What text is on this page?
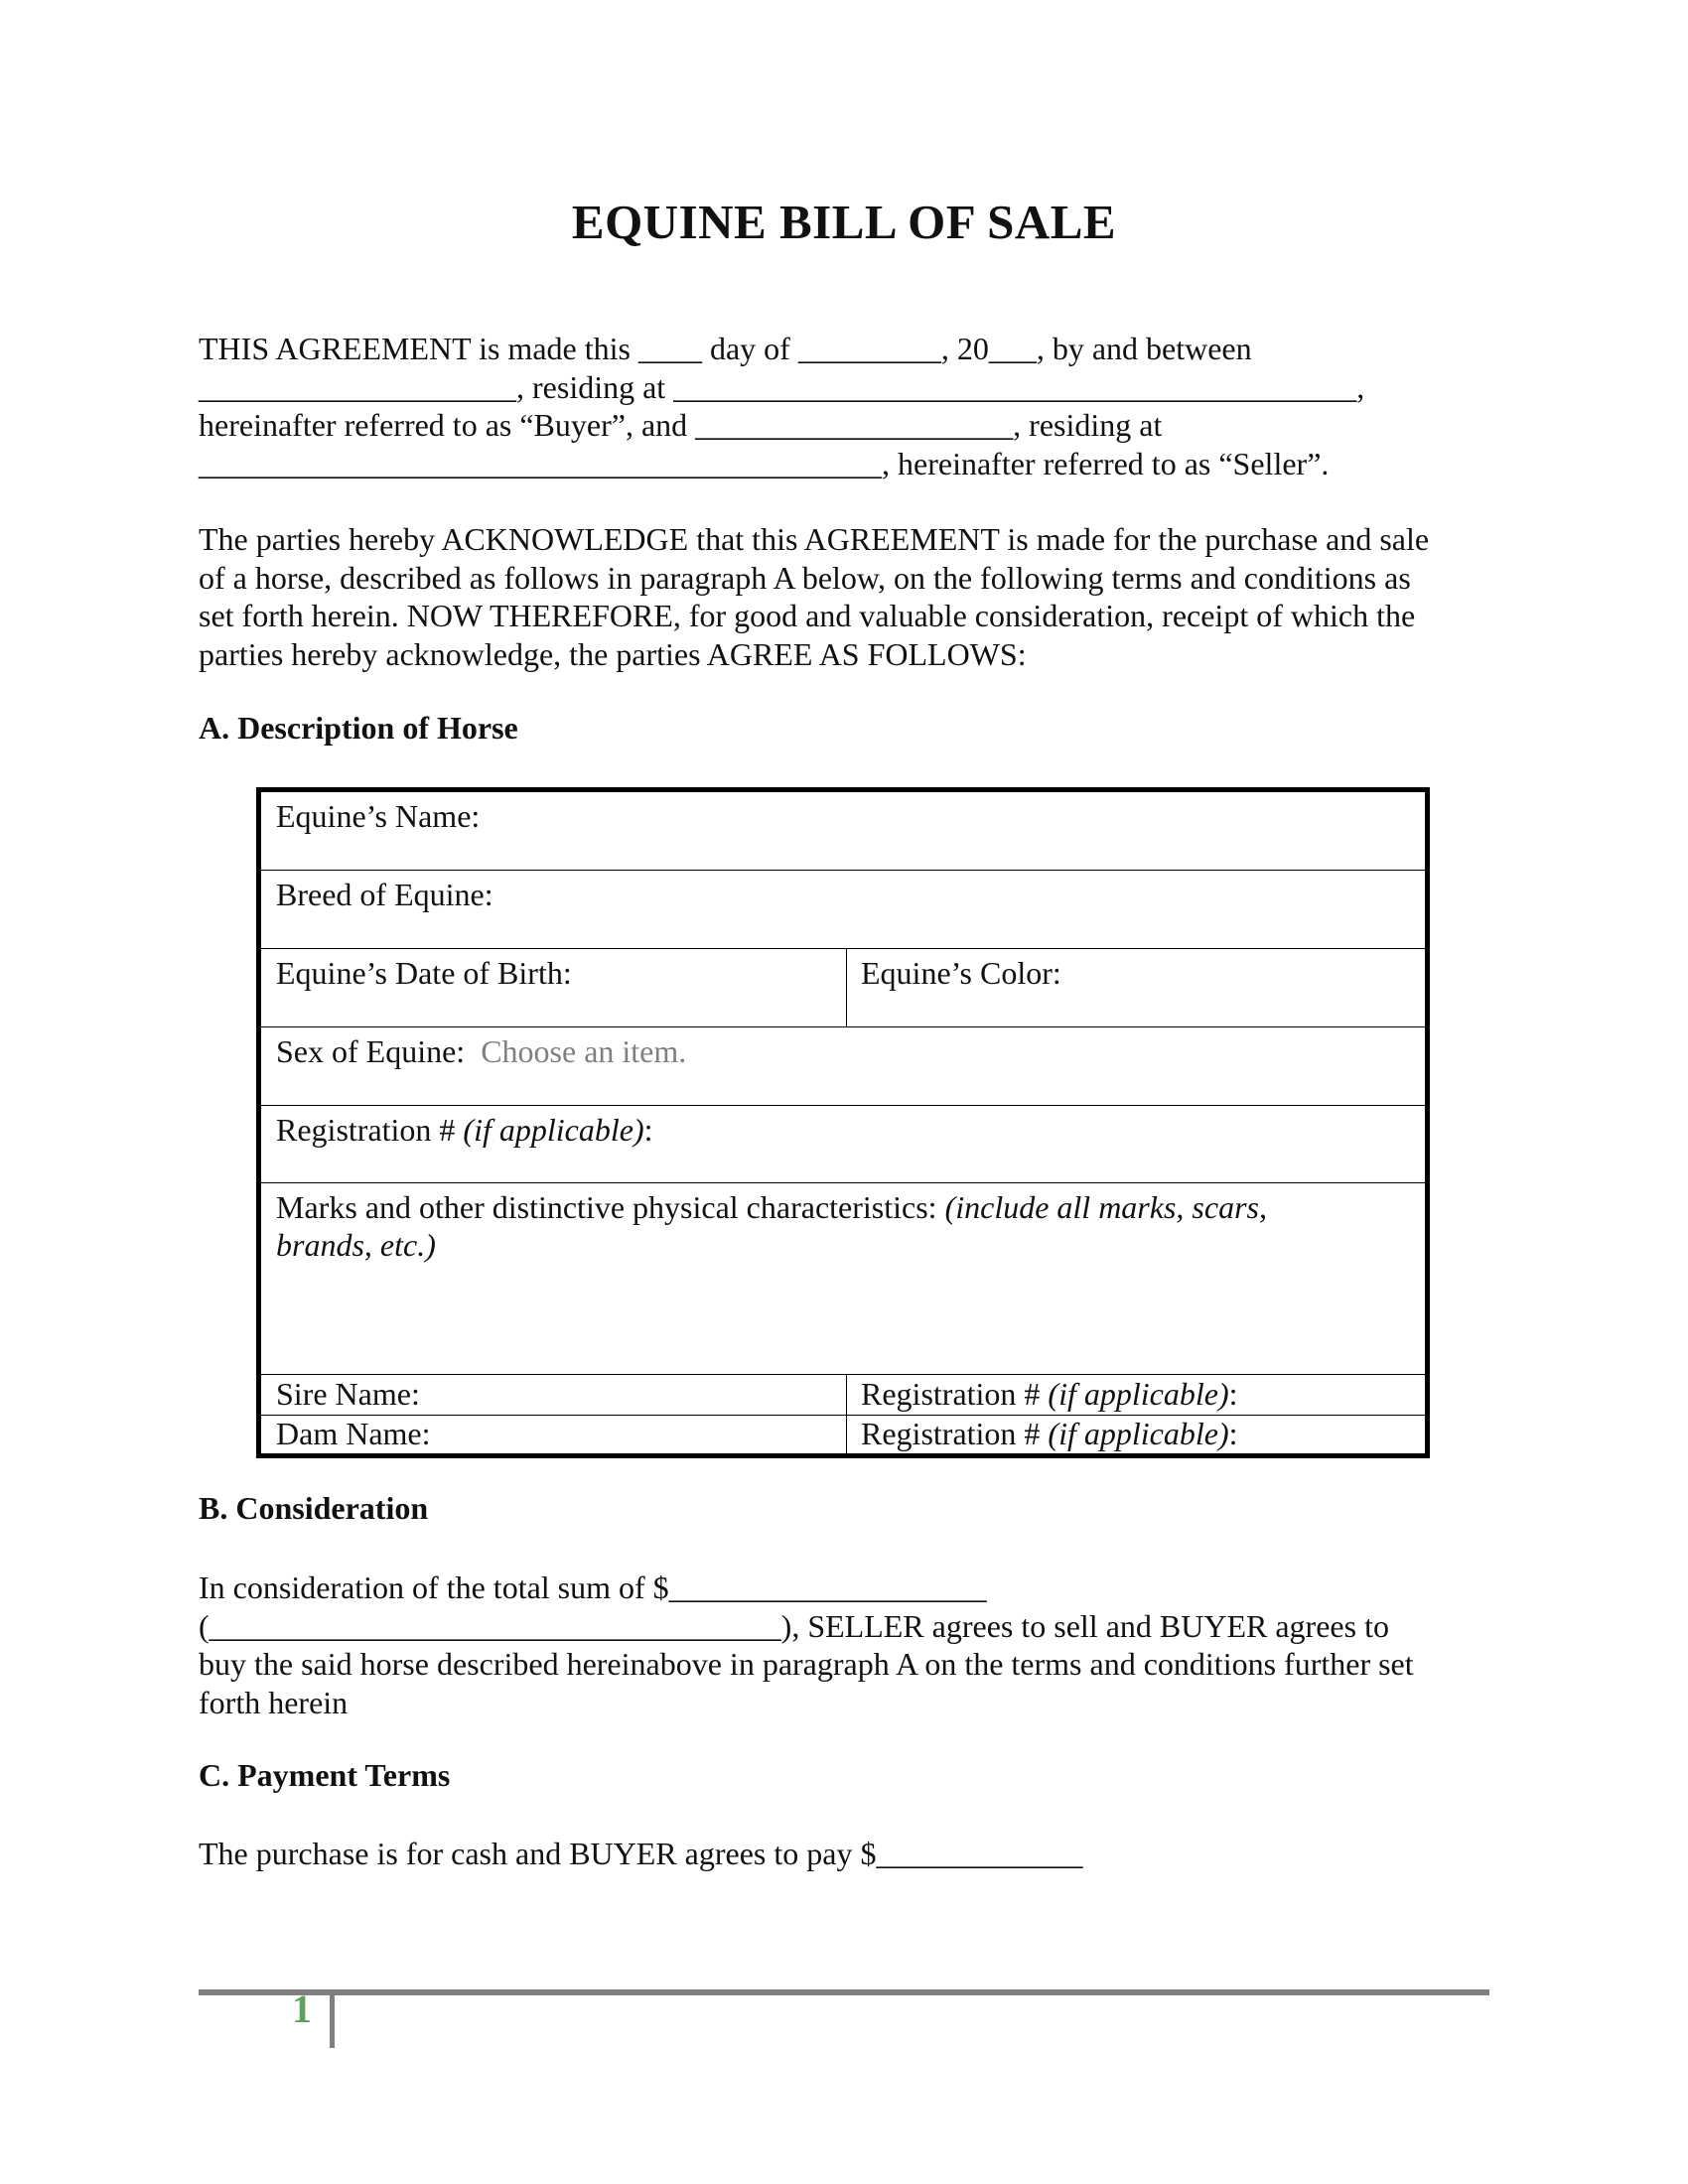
EQUINE BILL OF SALE

THIS AGREEMENT is made this ____ day of _________, 20___, by and between
____________________, residing at ___________________________________________,
hereinafter referred to as “Buyer”, and ____________________, residing at
___________________________________________, hereinafter referred to as “Seller”.

The parties hereby ACKNOWLEDGE that this AGREEMENT is made for the purchase and sale
of a horse, described as follows in paragraph A below, on the following terms and conditions as
set forth herein. NOW THEREFORE, for good and valuable consideration, receipt of which the
parties hereby acknowledge, the parties AGREE AS FOLLOWS:

A. Description of Horse
Equine’s Name:
Breed of Equine:
Equine’s Date of Birth:	Equine’s Color:
Sex of Equine: Choose an item.
Registration # (if applicable):
Marks and other distinctive physical characteristics: (include all marks, scars,
brands, etc.)
Sire Name:	Registration # (if applicable):
Dam Name:	Registration # (if applicable):
B. Consideration

In consideration of the total sum of $____________________
(____________________________________), SELLER agrees to sell and BUYER agrees to
buy the said horse described hereinabove in paragraph A on the terms and conditions further set
forth herein

C. Payment Terms

The purchase is for cash and BUYER agrees to pay $_____________

1
